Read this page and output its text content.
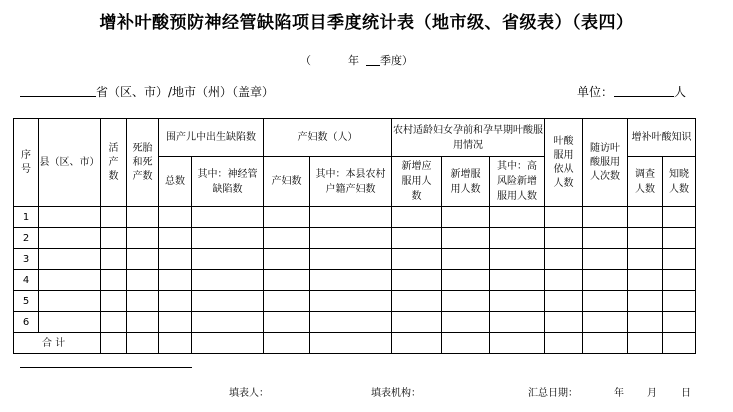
增补叶酸预防神经管缺陷项目季度统计表（地市级、省级表）（表四）
（	年 季度）
省（区、市）/地市（州）（盖章）	单位：	人
序号	县（区、市）	活产数	死胎和死产数	围产儿中出生缺陷数		产妇数（人）		农村适龄妇女孕前和孕早期叶酸服用情况			叶酸服用依从人数	随访叶酸服用人次数	增补叶酸知识	
				总数	其中：神经管缺陷数	产妇数	其中：本县农村户籍产妇数	新增应服用人数	新增服用人数	其中：高风险新增服用人数			调查人数	知晓人数

1														
2														
3														
4														
5														
6														
合 计														
填表人：	填表机构：	汇总日期：	年 月 日
